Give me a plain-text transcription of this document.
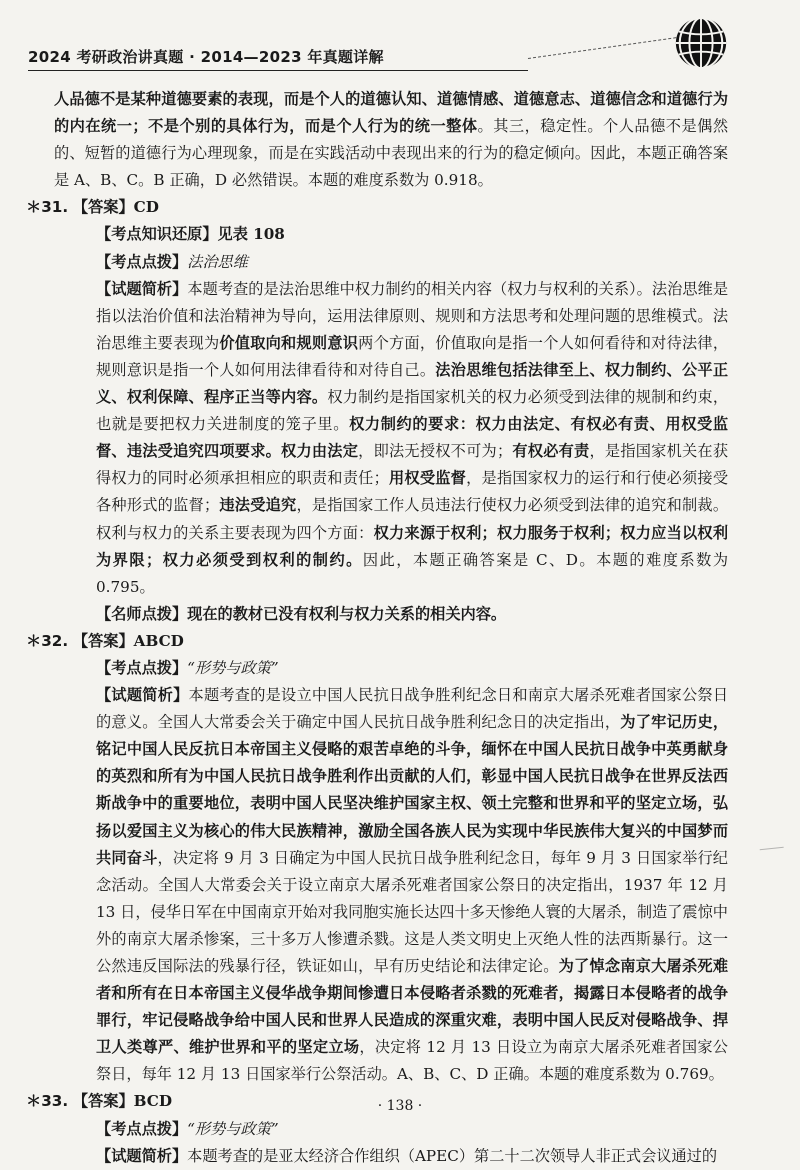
2024 考研政治讲真题 · 2014—2023 年真题详解

人品德不是某种道德要素的表现，而是个人的道德认知、道德情感、道德意志、道德信念和道德行为的内在统一；不是个别的具体行为，而是个人行为的统一整体。其三，稳定性。个人品德不是偶然的、短暂的道德行为心理现象，而是在实践活动中表现出来的行为的稳定倾向。因此，本题正确答案是 A、B、C。B 正确，D 必然错误。本题的难度系数为 0.918。

＊31. 【答案】CD

【考点知识还原】见表 108

【考点点拨】法治思维

【试题简析】本题考查的是法治思维中权力制约的相关内容（权力与权利的关系）。法治思维是指以法治价值和法治精神为导向，运用法律原则、规则和方法思考和处理问题的思维模式。法治思维主要表现为价值取向和规则意识两个方面，价值取向是指一个人如何看待和对待法律，规则意识是指一个人如何用法律看待和对待自己。法治思维包括法律至上、权力制约、公平正义、权利保障、程序正当等内容。权力制约是指国家机关的权力必须受到法律的规制和约束，也就是要把权力关进制度的笼子里。权力制约的要求：权力由法定、有权必有责、用权受监督、违法受追究四项要求。权力由法定，即法无授权不可为；有权必有责，是指国家机关在获得权力的同时必须承担相应的职责和责任；用权受监督，是指国家权力的运行和行使必须接受各种形式的监督；违法受追究，是指国家工作人员违法行使权力必须受到法律的追究和制裁。权利与权力的关系主要表现为四个方面：权力来源于权利；权力服务于权利；权力应当以权利为界限；权力必须受到权利的制约。因此，本题正确答案是 C、D。本题的难度系数为 0.795。

【名师点拨】现在的教材已没有权利与权力关系的相关内容。

＊32. 【答案】ABCD

【考点点拨】“形势与政策”

【试题简析】本题考查的是设立中国人民抗日战争胜利纪念日和南京大屠杀死难者国家公祭日的意义。全国人大常委会关于确定中国人民抗日战争胜利纪念日的决定指出，为了牢记历史，铭记中国人民反抗日本帝国主义侵略的艰苦卓绝的斗争，缅怀在中国人民抗日战争中英勇献身的英烈和所有为中国人民抗日战争胜利作出贡献的人们，彰显中国人民抗日战争在世界反法西斯战争中的重要地位，表明中国人民坚决维护国家主权、领土完整和世界和平的坚定立场，弘扬以爱国主义为核心的伟大民族精神，激励全国各族人民为实现中华民族伟大复兴的中国梦而共同奋斗，决定将 9 月 3 日确定为中国人民抗日战争胜利纪念日，每年 9 月 3 日国家举行纪念活动。全国人大常委会关于设立南京大屠杀死难者国家公祭日的决定指出，1937 年 12 月 13 日，侵华日军在中国南京开始对我同胞实施长达四十多天惨绝人寰的大屠杀，制造了震惊中外的南京大屠杀惨案，三十多万人惨遭杀戮。这是人类文明史上灭绝人性的法西斯暴行。这一公然违反国际法的残暴行径，铁证如山，早有历史结论和法律定论。为了悼念南京大屠杀死难者和所有在日本帝国主义侵华战争期间惨遭日本侵略者杀戮的死难者，揭露日本侵略者的战争罪行，牢记侵略战争给中国人民和世界人民造成的深重灾难，表明中国人民反对侵略战争、捍卫人类尊严、维护世界和平的坚定立场，决定将 12 月 13 日设立为南京大屠杀死难者国家公祭日，每年 12 月 13 日国家举行公祭活动。A、B、C、D 正确。本题的难度系数为 0.769。

＊33. 【答案】BCD

【考点点拨】“形势与政策”

【试题简析】本题考查的是亚太经济合作组织（APEC）第二十二次领导人非正式会议通过的

· 138 ·
